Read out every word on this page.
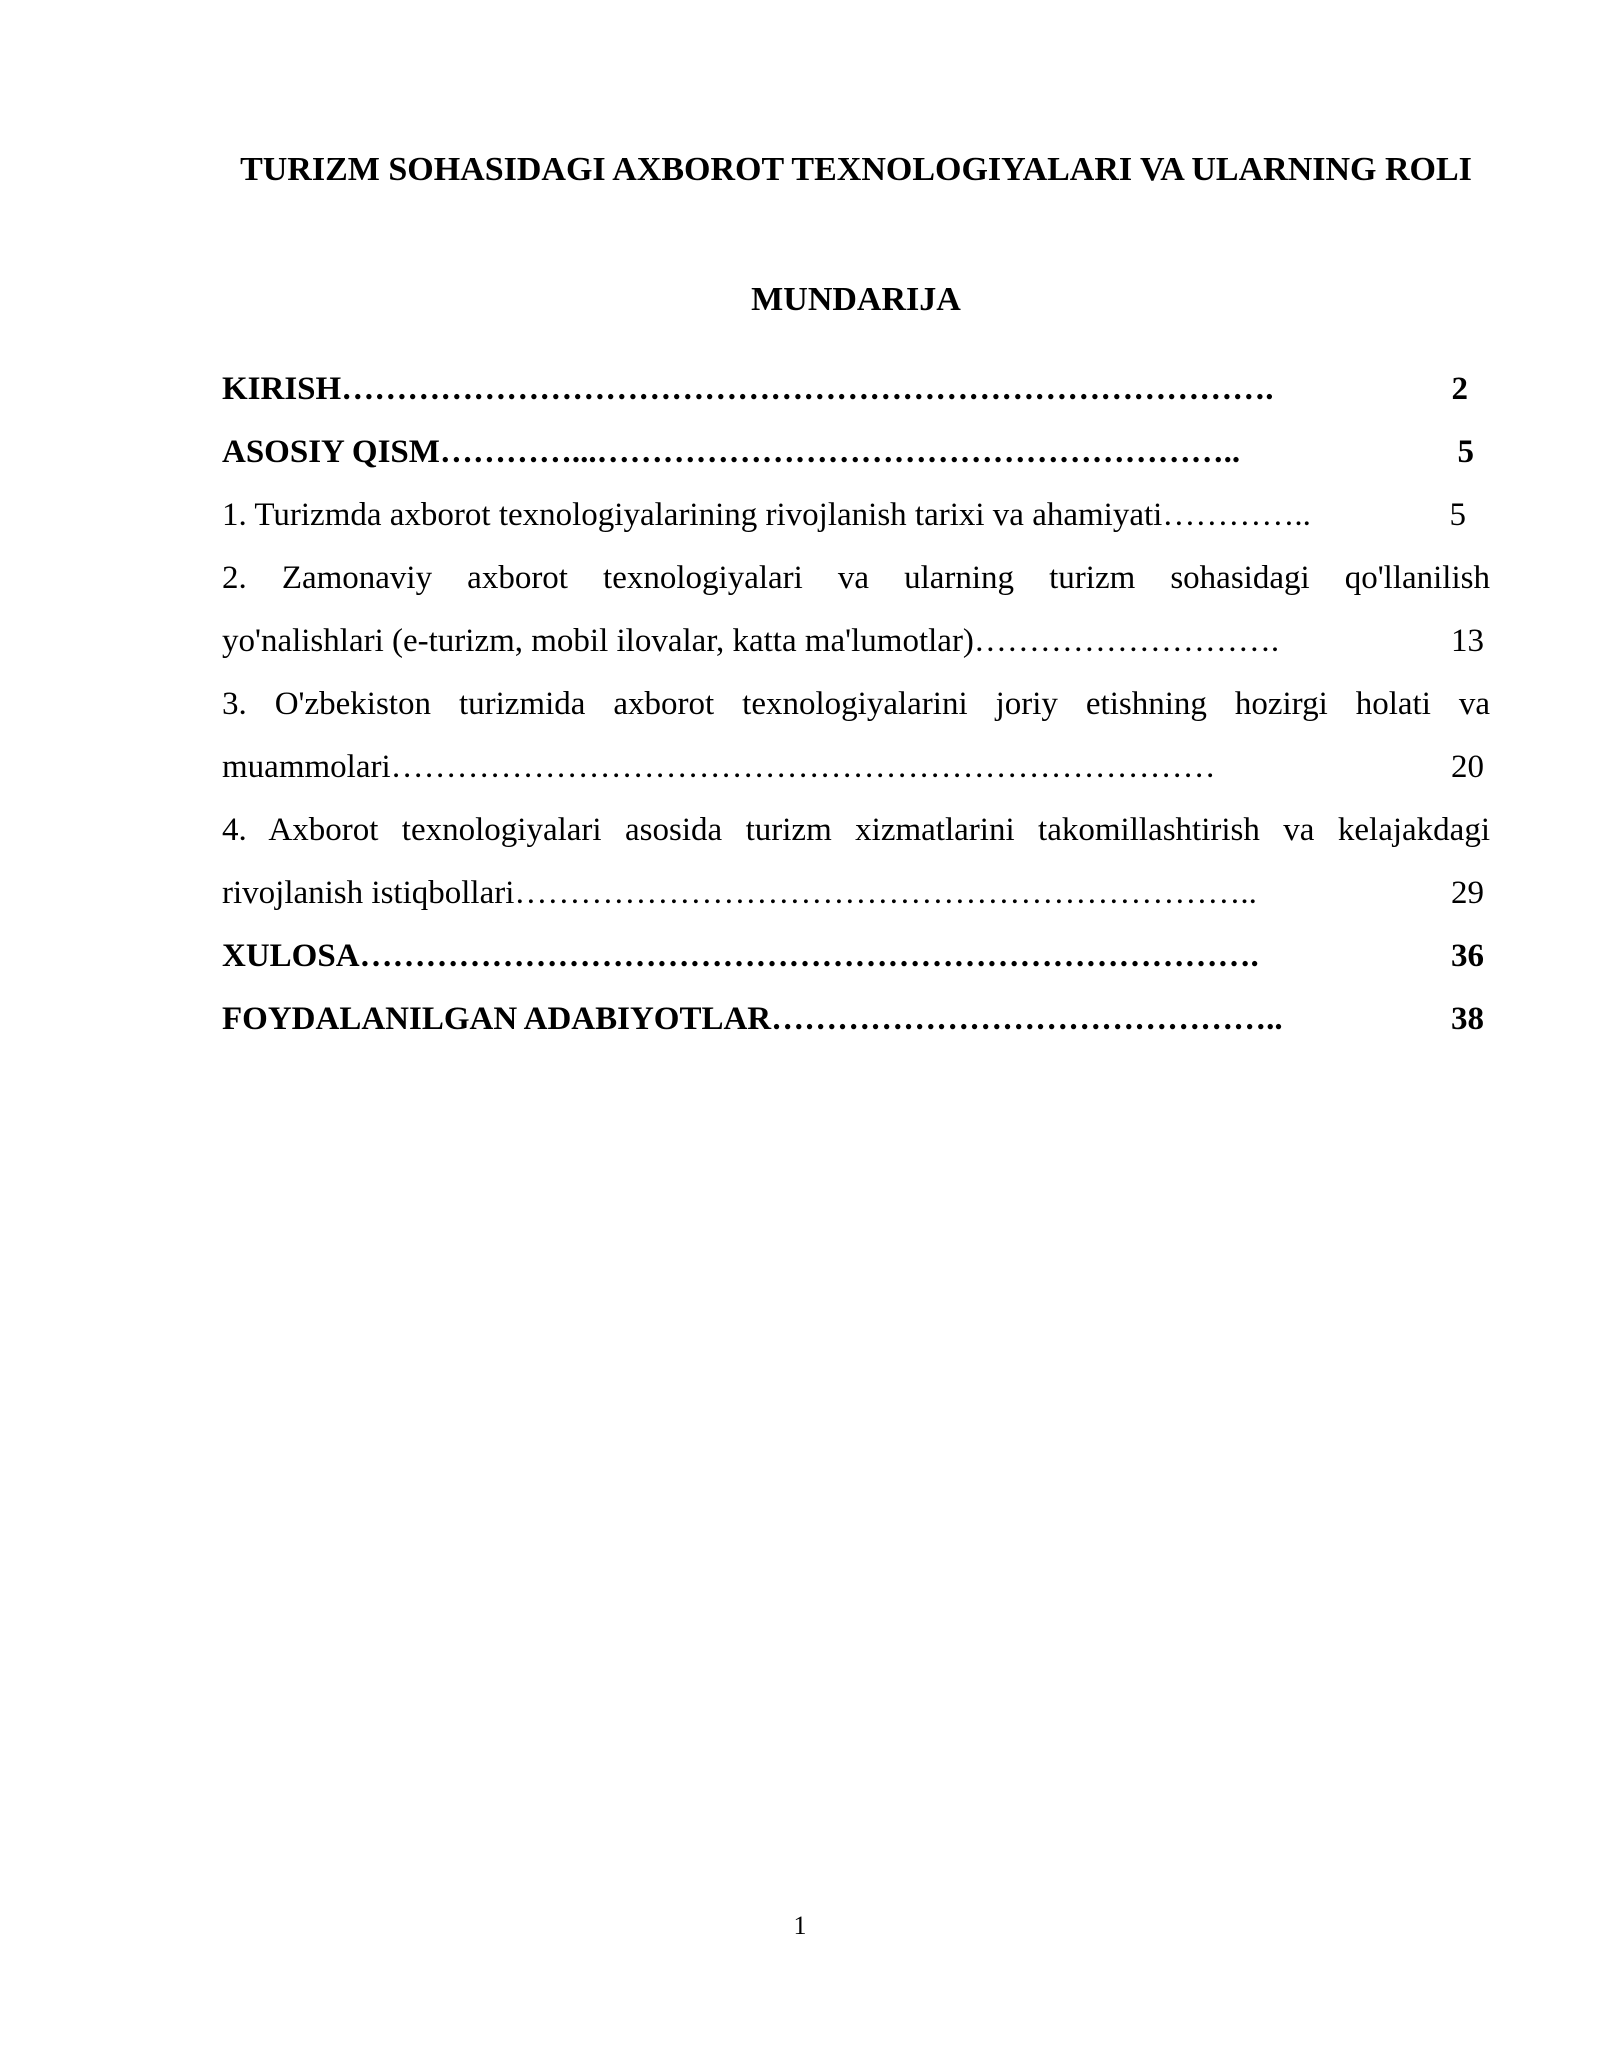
TURIZM SOHASIDAGI AXBOROT TEXNOLOGIYALARI VA ULARNING ROLI
MUNDARIJA
KIRISH………………………………………………………………………….	2
ASOSIY QISM…………...…………………………………………………..	5
1. Turizmda axborot texnologiyalarining rivojlanish tarixi va ahamiyati…………..	5
2. Zamonaviy axborot texnologiyalari va ularning turizm sohasidagi qo'llanilish
yo'nalishlari (e-turizm, mobil ilovalar, katta ma'lumotlar)……………………….	13
3. O'zbekiston turizmida axborot texnologiyalarini joriy etishning hozirgi holati va
muammolari…………………………………………………………………	20
4. Axborot texnologiyalari asosida turizm xizmatlarini takomillashtirish va kelajakdagi
rivojlanish istiqbollari…………………………………………………………..	29
XULOSA……………………………………………………………………….	36
FOYDALANILGAN ADABIYOTLAR………………………………………..	38
1
